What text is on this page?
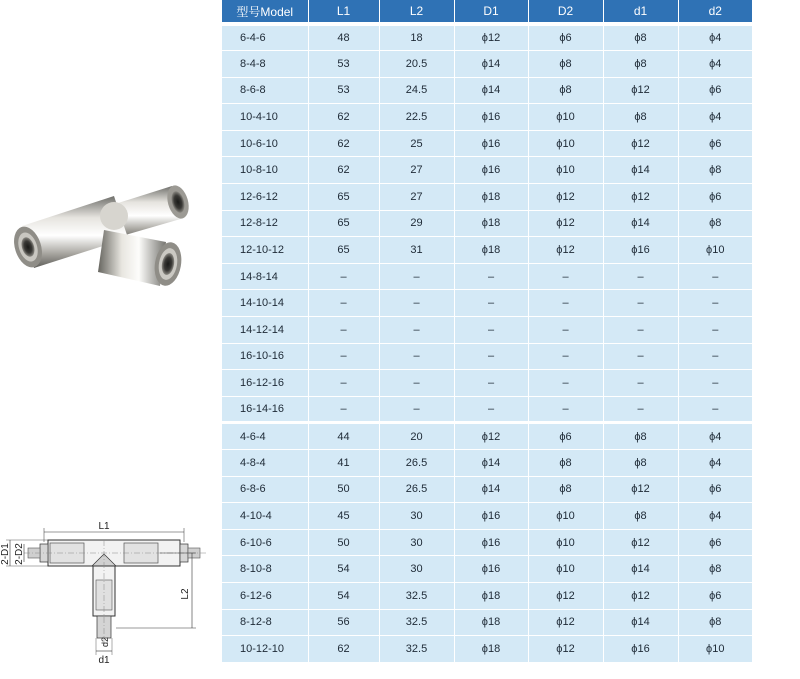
L1
L2
2-D1 2-D2
d1
d2
型号Model	L1	L2	D1	D2	d1	d2
6-4-6	48	18	ϕ12	ϕ6	ϕ8	ϕ4
8-4-8	53	20.5	ϕ14	ϕ8	ϕ8	ϕ4
8-6-8	53	24.5	ϕ14	ϕ8	ϕ12	ϕ6
10-4-10	62	22.5	ϕ16	ϕ10	ϕ8	ϕ4
10-6-10	62	25	ϕ16	ϕ10	ϕ12	ϕ6
10-8-10	62	27	ϕ16	ϕ10	ϕ14	ϕ8
12-6-12	65	27	ϕ18	ϕ12	ϕ12	ϕ6
12-8-12	65	29	ϕ18	ϕ12	ϕ14	ϕ8
12-10-12	65	31	ϕ18	ϕ12	ϕ16	ϕ10
14-8-14	–	–	–	–	–	–
14-10-14	–	–	–	–	–	–
14-12-14	–	–	–	–	–	–
16-10-16	–	–	–	–	–	–
16-12-16	–	–	–	–	–	–
16-14-16	–	–	–	–	–	–
4-6-4	44	20	ϕ12	ϕ6	ϕ8	ϕ4
4-8-4	41	26.5	ϕ14	ϕ8	ϕ8	ϕ4
6-8-6	50	26.5	ϕ14	ϕ8	ϕ12	ϕ6
4-10-4	45	30	ϕ16	ϕ10	ϕ8	ϕ4
6-10-6	50	30	ϕ16	ϕ10	ϕ12	ϕ6
8-10-8	54	30	ϕ16	ϕ10	ϕ14	ϕ8
6-12-6	54	32.5	ϕ18	ϕ12	ϕ12	ϕ6
8-12-8	56	32.5	ϕ18	ϕ12	ϕ14	ϕ8
10-12-10	62	32.5	ϕ18	ϕ12	ϕ16	ϕ10
